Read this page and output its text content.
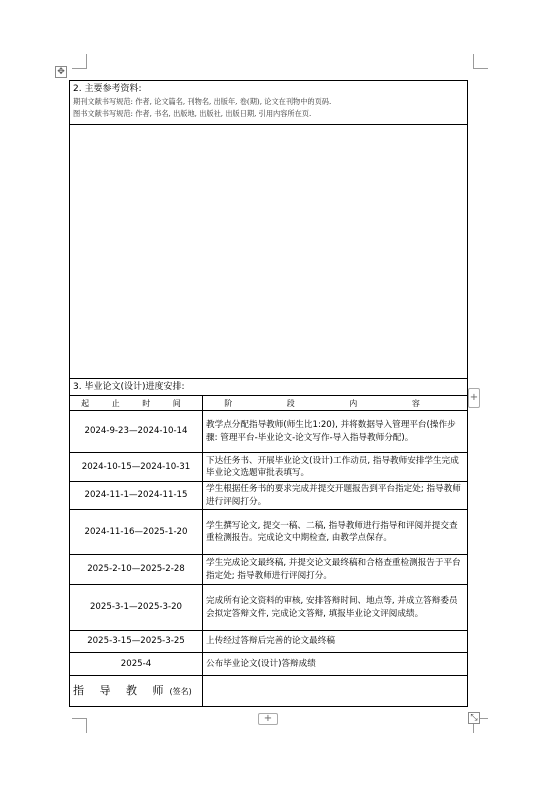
✥
2. 主要参考资料:
期刊文献书写规范: 作者, 论文篇名, 刊物名, 出版年, 卷(期), 论文在刊物中的页码.
图书文献书写规范: 作者, 书名, 出版地, 出版社, 出版日期, 引用内容所在页.	

3. 毕业论文(设计)进度安排:	
起 止 时 间	阶 段 内 容
2024-9-23—2024-10-14	教学点分配指导教师(师生比1:20), 并将数据导入管理平台(操作步骤: 管理平台-毕业论文-论文写作-导入指导教师分配)。
2024-10-15—2024-10-31	下达任务书、开展毕业论文(设计)工作动员, 指导教师安排学生完成毕业论文选题审批表填写。
2024-11-1—2024-11-15	学生根据任务书的要求完成并提交开题报告到平台指定处; 指导教师进行评阅打分。
2024-11-16—2025-1-20	学生撰写论文, 提交一稿、二稿, 指导教师进行指导和评阅并提交查重检测报告。完成论文中期检查, 由教学点保存。
2025-2-10—2025-2-28	学生完成论文最终稿, 并提交论文最终稿和合格查重检测报告于平台指定处; 指导教师进行评阅打分。
2025-3-1—2025-3-20	完成所有论文资料的审核, 安排答辩时间、地点等, 并成立答辩委员会拟定答辩文件, 完成论文答辩, 填报毕业论文评阅成绩。
2025-3-15—2025-3-25	上传经过答辩后完善的论文最终稿
2025-4	公布毕业论文(设计)答辩成绩
指 导 教 师(签名)	
+
+	⤡
